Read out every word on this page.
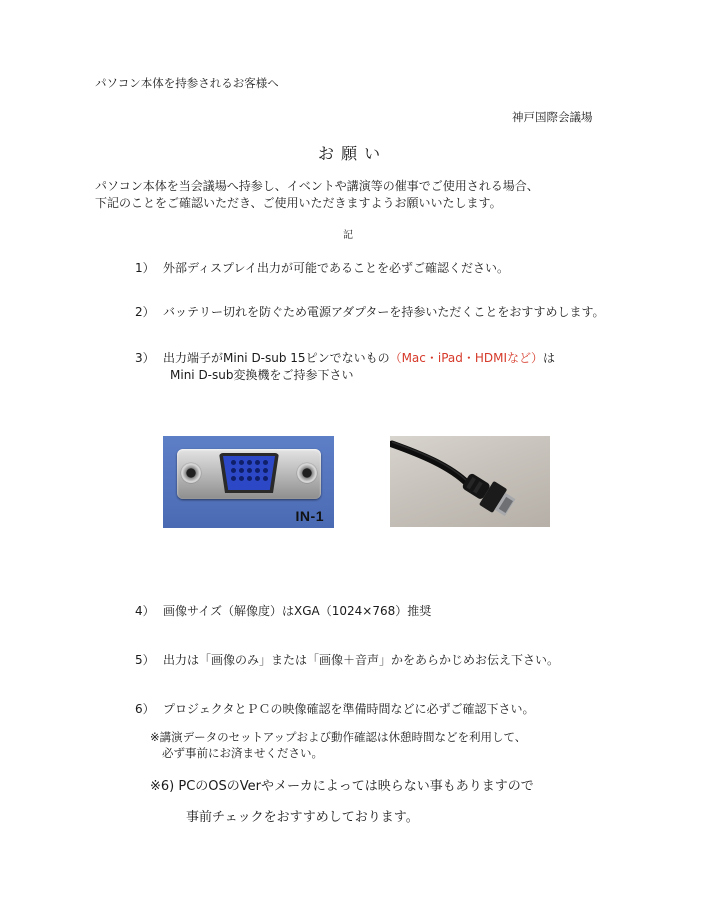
パソコン本体を持参されるお客様へ
神戸国際会議場
お 願 い
パソコン本体を当会議場へ持参し、イベントや講演等の催事でご使用される場合、
下記のことをご確認いただき、ご使用いただきますようお願いいたします。
記
1） 外部ディスプレイ出力が可能であることを必ずご確認ください。
2） バッテリー切れを防ぐため電源アダプターを持参いただくことをおすすめします。
3） 出力端子がMini D-sub 15ピンでないもの（Mac・iPad・HDMIなど）は
Mini D-sub変換機をご持参下さい
IN-1
4） 画像サイズ（解像度）はXGA（1024×768）推奨
5） 出力は「画像のみ」または「画像＋音声」かをあらかじめお伝え下さい。
6） プロジェクタとＰＣの映像確認を準備時間などに必ずご確認下さい。
※講演データのセットアップおよび動作確認は休憩時間などを利用して、
必ず事前にお済ませください。
※6) PCのOSのVerやメーカによっては映らない事もありますので
事前チェックをおすすめしております。
